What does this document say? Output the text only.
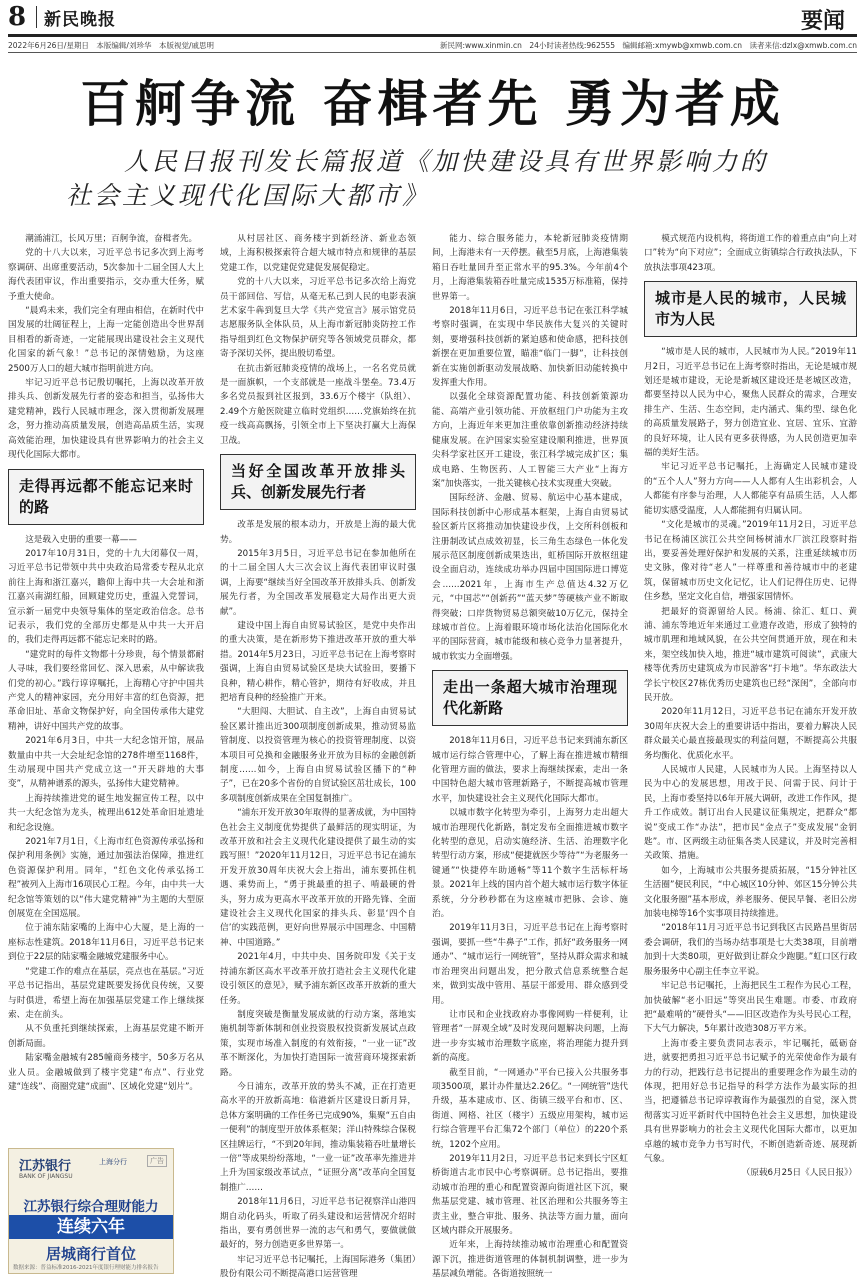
8 新民晚报	要闻
2022年6月26日/星期日　本版编辑/刘珍华　本版视觉/戚思明	新民网:www.xinmin.cn　24小时读者热线:962555　编辑邮箱:xmywb@xmwb.com.cn　读者来信:dzlx@xmwb.com.cn
百舸争流 奋楫者先 勇为者成
人民日报刊发长篇报道《加快建设具有世界影响力的
社会主义现代化国际大都市》

潮涌浦江，长风万里；百舸争流，奋楫者先。

党的十八大以来，习近平总书记多次到上海考察调研、出席重要活动，5次参加十二届全国人大上海代表团审议，作出重要指示，交办重大任务，赋予重大使命。

“晨鸡未来，我们完全有理由相信，在新时代中国发展的壮阔征程上，上海一定能创造出令世界刮目相看的新奇迹，一定能展现出建设社会主义现代化国家的新气象！”总书记的深情勉励，为这座2500万人口的超大城市指明前进方向。

牢记习近平总书记殷切嘱托，上海以改革开放排头兵、创新发展先行者的姿态和担当，弘扬伟大建党精神，践行人民城市理念，深入贯彻新发展理念，努力推动高质量发展，创造高品质生活，实现高效能治理，加快建设具有世界影响力的社会主义现代化国际大都市。

走得再远都不能忘记来时的路

这是载入史册的重要一幕——

2017年10月31日，党的十九大闭幕仅一周，习近平总书记带领中共中央政治局常委专程从北京前往上海和浙江嘉兴，瞻仰上海中共一大会址和浙江嘉兴南湖红船，回顾建党历史，重温入党誓词，宣示新一届党中央领导集体的坚定政治信念。总书记表示，我们党的全部历史都是从中共一大开启的，我们走得再远都不能忘记来时的路。

“建党时的每件文物都十分珍贵，每个情景都耐人寻味，我们要经常回忆、深入思索，从中解读我们党的初心。”践行谆谆嘱托，上海精心守护中国共产党人的精神家园，充分用好丰富的红色资源，把革命旧址、革命文物保护好，向全国传承伟大建党精神，讲好中国共产党的故事。

2021年6月3日，中共一大纪念馆开馆，展品数量由中共一大会址纪念馆的278件增至1168件，生动展现中国共产党成立这一“开天辟地的大事变”，从精神谱系的源头，弘扬伟大建党精神。

上海持续推进党的诞生地发掘宣传工程，以中共一大纪念馆为龙头，梳理出612处革命旧址遗址和纪念设施。

2021年7月1日，《上海市红色资源传承弘扬和保护利用条例》实施，通过加强法治保障，推进红色资源保护利用。同年，“红色文化传承弘扬工程”被列入上海市16项民心工程。今年，由中共一大纪念馆等策划的以“伟大建党精神”为主题的大型原创展览在全国巡展。

位于浦东陆家嘴的上海中心大厦，是上海的一座标志性建筑。2018年11月6日，习近平总书记来到位于22层的陆家嘴金融城党建服务中心。

“党建工作的难点在基层，亮点也在基层。”习近平总书记指出，基层党建既要发扬优良传统，又要与时俱进，希望上海在加强基层党建工作上继续探索、走在前头。

从不负重托到继续探索，上海基层党建不断开创新局面。

陆家嘴金融城有285幢商务楼宇，50多万名从业人员。金融城做到了楼宇党建“布点”、行业党建“连线”、商圈党建“成面”、区域化党建“划片”。

江苏银行
BANK OF JIANGSU
上海分行	广告
江苏银行综合理财能力
连续六年
居城商行首位
数据来源：普益标准2016-2021年度银行理财能力排名报告

从村居社区、商务楼宇到新经济、新业态领域，上海积极探索符合超大城市特点和规律的基层党建工作，以党建促党建促发展促稳定。

党的十八大以来，习近平总书记多次给上海党员干部回信、写信，从毫无私己到人民的电影表演艺术家牛犇到复旦大学《共产党宣言》展示馆党员志愿服务队全体队员，从上海市新冠肺炎防控工作指导组到红色文物保护研究等各领域党员群众，都寄予深切关怀，提出殷切希望。

在抗击新冠肺炎疫情的战场上，一名名党员就是一面旗帜，一个支部就是一座战斗堡垒。73.4万多名党员报到社区报到，33.6万个楼宇（队组）、2.49个方舱医院建立临时党组织……党旗始终在抗疫一线高高飘扬，引领全市上下坚决打赢大上海保卫战。

当好全国改革开放排头兵、创新发展先行者

改革是发展的根本动力，开放是上海的最大优势。

2015年3月5日，习近平总书记在参加他所在的十二届全国人大三次会议上海代表团审议时强调，上海要“继续当好全国改革开放排头兵、创新发展先行者，为全国改革发展稳定大局作出更大贡献”。

建设中国上海自由贸易试验区，是党中央作出的重大决策，是在新形势下推进改革开放的重大举措。2014年5月23日，习近平总书记在上海考察时强调，上海自由贸易试验区是块大试验田，要播下良种，精心耕作，精心管护，期待有好收成，并且把培育良种的经验推广开来。

“大胆闯、大胆试、自主改”，上海自由贸易试验区累计推出近300项制度创新成果，推动贸易监管制度、以投资管理为核心的投资管理制度、以资本项目可兑换和金融服务业开放为目标的金融创新制度……如今，上海自由贸易试验区播下的“种子”，已在20多个省份的自贸试验区茁壮成长，100多项制度创新成果在全国复制推广。

“浦东开发开放30年取得的显著成就，为中国特色社会主义制度优势提供了最鲜活的现实明证，为改革开放和社会主义现代化建设提供了最生动的实践写照！”2020年11月12日，习近平总书记在浦东开发开放30周年庆祝大会上指出，浦东要抓住机遇、乘势而上，“勇于挑最重的担子、啃最硬的骨头，努力成为更高水平改革开放的开路先锋、全面建设社会主义现代化国家的排头兵、彰显‘四个自信’的实践范例，更好向世界展示中国理念、中国精神、中国道路。”

2021年4月，中共中央、国务院印发《关于支持浦东新区高水平改革开放打造社会主义现代化建设引领区的意见》，赋予浦东新区改革开放新的重大任务。

制度突破是衡量发展成就的行动方案，落地实施机制等新体制和创业投资股权投资新发展试点政策，实现市场准入制度的有效衔接，“一业一证”改革不断深化，为加快打造国际一流营商环境探索新路。

今日浦东，改革开放的势头不减，正在打造更高水平的开放新高地：临港新片区建设日新月异，总体方案明确的工作任务已完成90%，集聚“五自由一便利”的制度型开放体系框架；洋山特殊综合保税区挂牌运行，“不到20年间，推动集装箱吞吐量增长一倍”等成果纷纷落地，“一业一证”改革率先推进并上升为国家级改革试点，“证照分离”改革向全国复制推广……

2018年11月6日，习近平总书记视察洋山港四期自动化码头，听取了码头建设和运营情况介绍时指出，要有勇创世界一流的志气和勇气，要做就做最好的，努力创造更多世界第一。

牢记习近平总书记嘱托，上海国际港务（集团）股份有限公司不断提高港口运营管理

能力、综合服务能力，本轮新冠肺炎疫情期间，上海港未有一天停摆。截至5月底，上海港集装箱日吞吐量回升至正常水平的95.3%。今年前4个月，上海港集装箱吞吐量完成1535万标准箱，保持世界第一。

2018年11月6日，习近平总书记在张江科学城考察时强调，在实现中华民族伟大复兴的关键时刻，要增强科技创新的紧迫感和使命感，把科技创新摆在更加重要位置，瞄准“临门一脚”，让科技创新在实施创新驱动发展战略、加快新旧动能转换中发挥重大作用。

以强化全球资源配置功能、科技创新策源功能、高端产业引领功能、开放枢纽门户功能为主攻方向，上海近年来更加注重依靠创新推动经济持续健康发展。在沪国家实验室建设顺利推进，世界顶尖科学家社区开工建设，张江科学城完成扩区；集成电路、生物医药、人工智能三大产业“上海方案”加快落实，一批关键核心技术实现重大突破。

国际经济、金融、贸易、航运中心基本建成，国际科技创新中心形成基本框架，上海自由贸易试验区新片区将推动加快建设步伐，上交所科创板和注册制改试点成效初显，长三角生态绿色一体化发展示范区制度创新成果迭出，虹桥国际开放枢纽建设全面启动，连续成功举办四届中国国际进口博览会……2021年，上海市生产总值达4.32万亿元，“中国芯”“创新药”“蓝天梦”等硬核产业不断取得突破；口岸货物贸易总额突破10万亿元，保持全球城市首位。上海着眼环境市场化法治化国际化水平的国际营商，城市能级和核心竞争力显著提升，城市软实力全面增强。

走出一条超大城市治理现代化新路

2018年11月6日，习近平总书记来到浦东新区城市运行综合管理中心，了解上海在推进城市精细化管理方面的做法，要求上海继续探索，走出一条中国特色超大城市管理新路子，不断提高城市管理水平，加快建设社会主义现代化国际大都市。

以城市数字化转型为牵引，上海努力走出超大城市治理现代化新路，制定发布全面推进城市数字化转型的意见，启动实施经济、生活、治理数字化转型行动方案，形成“便捷就医少等待”“为老服务一键通”“快捷停车助通畅”等11个数字生活标杆场景。2021年上线的国内首个超大城市运行数字体征系统，分分秒秒都在为这座城市把脉、会诊、施治。

2019年11月3日，习近平总书记在上海考察时强调，要抓一些“牛鼻子”工作，抓好“政务服务一网通办”、“城市运行一网统管”，坚持从群众需求和城市治理突出问题出发，把分散式信息系统整合起来，做到实战中管用、基层干部爱用、群众感到受用。

让市民和企业找政府办事像网购一样便利，让管理者“一屏观全域”及时发现问题解决问题，上海进一步夯实城市治理数字底座，将治理能力提升到新的高度。

截至目前，“一网通办”平台已接入公共服务事项3500项，累计办件量达2.26亿。“一网统管”迭代升级，基本建成市、区、街镇三级平台和市、区、街道、网格、社区（楼宇）五级应用架构，城市运行综合管理平台汇集72个部门（单位）的220个系统，1202个应用。

2019年11月2日，习近平总书记来到长宁区虹桥街道古北市民中心考察调研。总书记指出，要推动城市治理的重心和配置资源向街道社区下沉，聚焦基层党建、城市管理、社区治理和公共服务等主责主业，整合审批、服务、执法等方面力量，面向区域内群众开展服务。

近年来，上海持续推动城市治理重心和配置资源下沉，推进街道管理的体制机制调整，进一步为基层减负增能。各街道按照统一

模式规范内设机构，将街道工作的着重点由“向上对口”转为“向下对应”；全面成立街镇综合行政执法队，下放执法事项423项。

城市是人民的城市，人民城市为人民

“城市是人民的城市，人民城市为人民。”2019年11月2日，习近平总书记在上海考察时指出，无论是城市规划还是城市建设，无论是新城区建设还是老城区改造，都要坚持以人民为中心，聚焦人民群众的需求，合理安排生产、生活、生态空间，走内涵式、集约型、绿色化的高质量发展路子，努力创造宜业、宜居、宜乐、宜游的良好环境，让人民有更多获得感，为人民创造更加幸福的美好生活。

牢记习近平总书记嘱托，上海确定人民城市建设的“五个人人”努力方向——人人都有人生出彩机会，人人都能有序参与治理，人人都能享有品质生活，人人都能切实感受温度，人人都能拥有归属认同。

“文化是城市的灵魂。”2019年11月2日，习近平总书记在杨浦区滨江公共空间杨树浦水厂滨江段察时指出，要妥善处理好保护和发展的关系，注重延续城市历史文脉，像对待“老人”一样尊重和善待城市中的老建筑，保留城市历史文化记忆，让人们记得住历史、记得住乡愁，坚定文化自信，增强家国情怀。

把最好的资源留给人民。杨浦、徐汇、虹口、黄浦、浦东等地近年来通过工业遗存改造，形成了独特的城市肌理和地域风貌，在公共空间贯通开放，现在和未来，架空线加快入地，推进“城市建筑可阅读”，武康大楼等优秀历史建筑成为市民游客“打卡地”。华东政法大学长宁校区27栋优秀历史建筑也已经“深闺”，全部向市民开放。

2020年11月12日，习近平总书记在浦东开发开放30周年庆祝大会上的重要讲话中指出，要着力解决人民群众最关心最直接最现实的利益问题，不断提高公共服务均衡化、优质化水平。

人民城市人民建，人民城市为人民。上海坚持以人民为中心的发展思想，用改于民、问需于民、问计于民，上海市委坚持以6年开展大调研，改进工作作风，提升工作成效。制订出台人民建议征集规定，把群众“都说”变成工作“办法”，把市民“金点子”变成发展“金钥匙”。市、区两级主动征集各类人民建议，并及时完善相关政策、措施。

如今，上海城市公共服务提质拓展，“15分钟社区生活圈”便民利民，“中心城区10分钟、郊区15分钟公共文化服务圈”基本形成，养老服务、便民早餐、老旧公房加装电梯等16个实事项目持续推进。

“2018年11月习近平总书记到我区古民路昌里街居委会调研，我们的当场办结事项是七大类38项，目前增加到十大类80项，更好做到让群众少跑腿。”虹口区行政服务服务中心副主任李立平说。

牢记总书记嘱托，上海把民生工程作为民心工程，加快破解“老小旧远”等突出民生难题。市委、市政府把“最难啃的”硬骨头“——旧区改造作为头号民心工程，下大气力解决，5年累计改造308万平方米。

上海市委主要负责同志表示，牢记嘱托，砥砺奋进，就要把勇担习近平总书记赋予的光荣使命作为最有力的行动，把践行总书记提出的重要理念作为最生动的体现，把用好总书记指导的科学方法作为最实际的担当，把遵循总书记谆谆教诲作为最强烈的自觉，深入贯彻落实习近平新时代中国特色社会主义思想，加快建设具有世界影响力的社会主义现代化国际大都市，以更加卓越的城市竞争力书写时代，不断创造新奇迹、展现新气象。

（原载6月25日《人民日报》）
